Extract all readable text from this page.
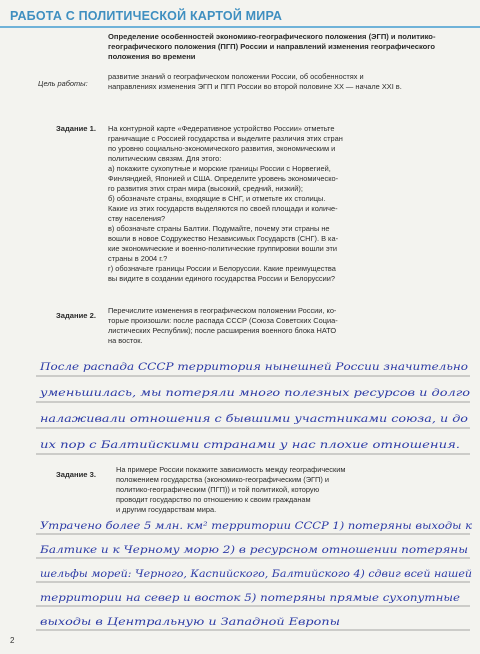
РАБОТА С ПОЛИТИЧЕСКОЙ КАРТОЙ МИРА
Определение особенностей экономико-географического положения (ЭГП) и политико-географического положения (ПГП) России и направлений изменения географического положения во времени
Цель работы:
развитие знаний о географическом положении России, об особенностях и направлениях изменения ЭГП и ПГП России во второй половине XX — начале XXI в.
Задание 1. На контурной карте «Федеративное устройство России» отметьте

граничащие с Россией государства и выделите различия этих стран

по уровню социально-экономического развития, экономическим и

политическим связям. Для этого:

а) покажите сухопутные и морские границы России с Норвегией,

Финляндией, Японией и США. Определите уровень экономическо-

го развития этих стран мира (высокий, средний, низкий);

б) обозначьте страны, входящие в СНГ, и отметьте их столицы.

Какие из этих государств выделяются по своей площади и количе-

ству населения?

в) обозначьте страны Балтии. Подумайте, почему эти страны не

вошли в новое Содружество Независимых Государств (СНГ). В ка-

кие экономические и военно-политические группировки вошли эти

страны в 2004 г.?

г) обозначьте границы России и Белоруссии. Какие преимущества

вы видите в создании единого государства России и Белоруссии?

Задание 2.

Перечислите изменения в географическом положении России, ко-

торые произошли: после распада СССР (Союза Советских Социа-

листических Республик); после расширения военного блока НАТО

на восток.

Задание 3.

На примере России покажите зависимость между географическим

положением государства (экономико-географическим (ЭГП) и

политико-географическим (ПГП)) и той политикой, которую

проводит государство по отношению к своим гражданам

и другим государствам мира.

После распада СССР территория нынешней России значительно
уменьшилась, мы потеряли много полезных ресурсов и долго
налаживали отношения с бывшими участниками союза, и до
их пор с Балтийскими странами у нас плохие отношения.
Утрачено более 5 млн. км² территории СССР 1) потеряны выходы к
Балтике и к Черному морю 2) в ресурсном отношении потеряны
шельфы морей: Черного, Каспийского, Балтийского 4) сдвиг всей нашей
территории на север и восток 5) потеряны прямые сухопутные
выходы в Центральную и Западной Европы
2
